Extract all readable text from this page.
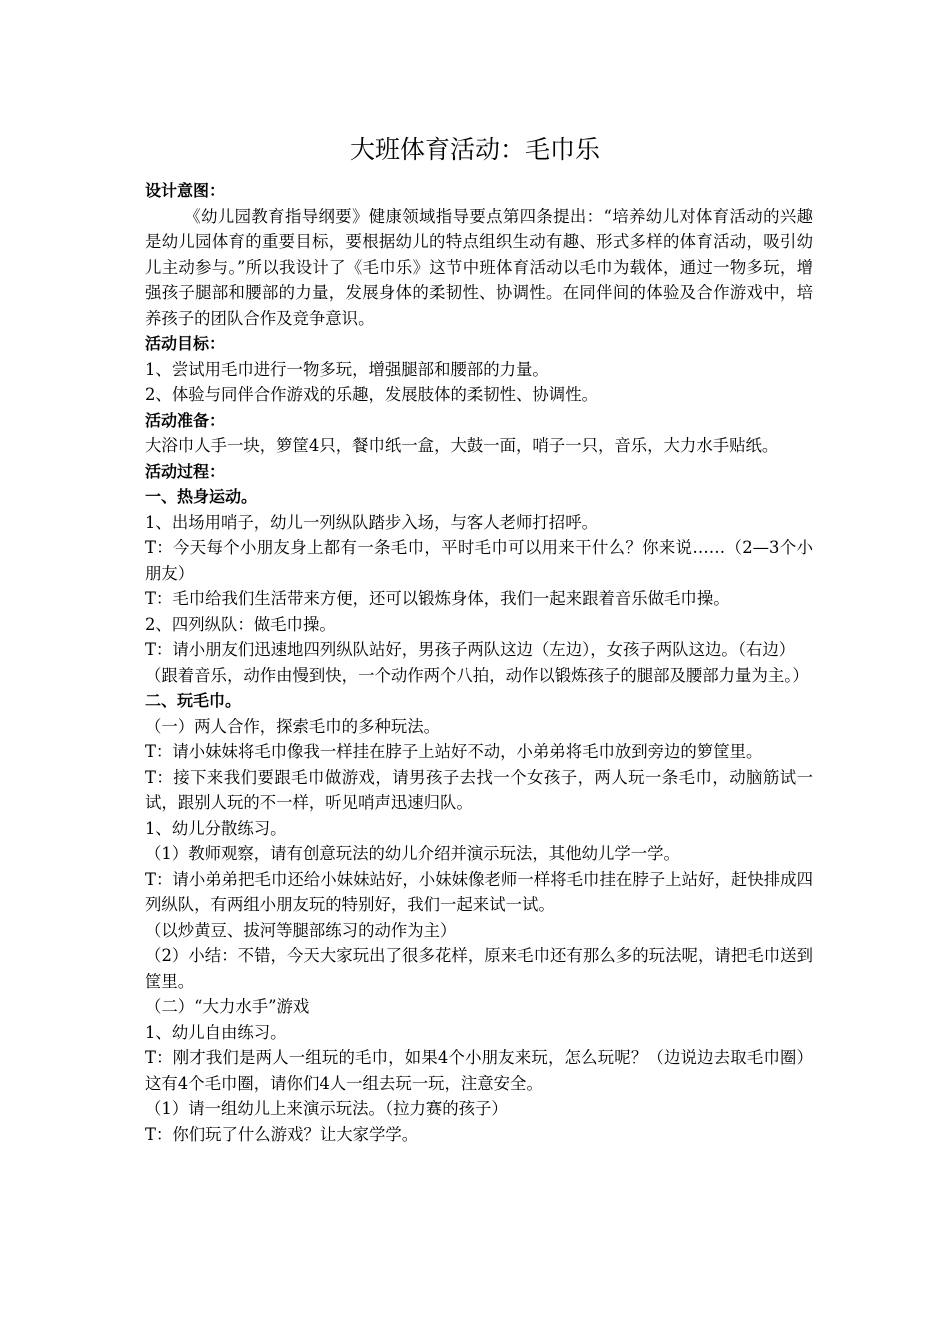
大班体育活动：毛巾乐

设计意图：

《幼儿园教育指导纲要》健康领域指导要点第四条提出：“培养幼儿对体育活动的兴趣是幼儿园体育的重要目标，要根据幼儿的特点组织生动有趣、形式多样的体育活动，吸引幼儿主动参与。”所以我设计了《毛巾乐》这节中班体育活动以毛巾为载体，通过一物多玩，增强孩子腿部和腰部的力量，发展身体的柔韧性、协调性。在同伴间的体验及合作游戏中，培养孩子的团队合作及竞争意识。

活动目标：

1、尝试用毛巾进行一物多玩，增强腿部和腰部的力量。

2、体验与同伴合作游戏的乐趣，发展肢体的柔韧性、协调性。

活动准备：

大浴巾人手一块，箩筐4只，餐巾纸一盒，大鼓一面，哨子一只，音乐，大力水手贴纸。

活动过程：

一、热身运动。

1、出场用哨子，幼儿一列纵队踏步入场，与客人老师打招呼。

T：今天每个小朋友身上都有一条毛巾，平时毛巾可以用来干什么？你来说……（2—3个小朋友）

T：毛巾给我们生活带来方便，还可以锻炼身体，我们一起来跟着音乐做毛巾操。

2、四列纵队：做毛巾操。

T：请小朋友们迅速地四列纵队站好，男孩子两队这边（左边），女孩子两队这边。（右边）

（跟着音乐，动作由慢到快，一个动作两个八拍，动作以锻炼孩子的腿部及腰部力量为主。）

二、玩毛巾。

（一）两人合作，探索毛巾的多种玩法。

T：请小妹妹将毛巾像我一样挂在脖子上站好不动，小弟弟将毛巾放到旁边的箩筐里。

T：接下来我们要跟毛巾做游戏，请男孩子去找一个女孩子，两人玩一条毛巾，动脑筋试一试，跟别人玩的不一样，听见哨声迅速归队。

1、幼儿分散练习。

（1）教师观察，请有创意玩法的幼儿介绍并演示玩法，其他幼儿学一学。

T：请小弟弟把毛巾还给小妹妹站好，小妹妹像老师一样将毛巾挂在脖子上站好，赶快排成四列纵队，有两组小朋友玩的特别好，我们一起来试一试。

（以炒黄豆、拔河等腿部练习的动作为主）

（2）小结：不错，今天大家玩出了很多花样，原来毛巾还有那么多的玩法呢，请把毛巾送到筐里。

（二）“大力水手”游戏

1、幼儿自由练习。

T：刚才我们是两人一组玩的毛巾，如果4个小朋友来玩，怎么玩呢？（边说边去取毛巾圈）这有4个毛巾圈，请你们4人一组去玩一玩，注意安全。

（1）请一组幼儿上来演示玩法。（拉力赛的孩子）

T：你们玩了什么游戏？让大家学学。
